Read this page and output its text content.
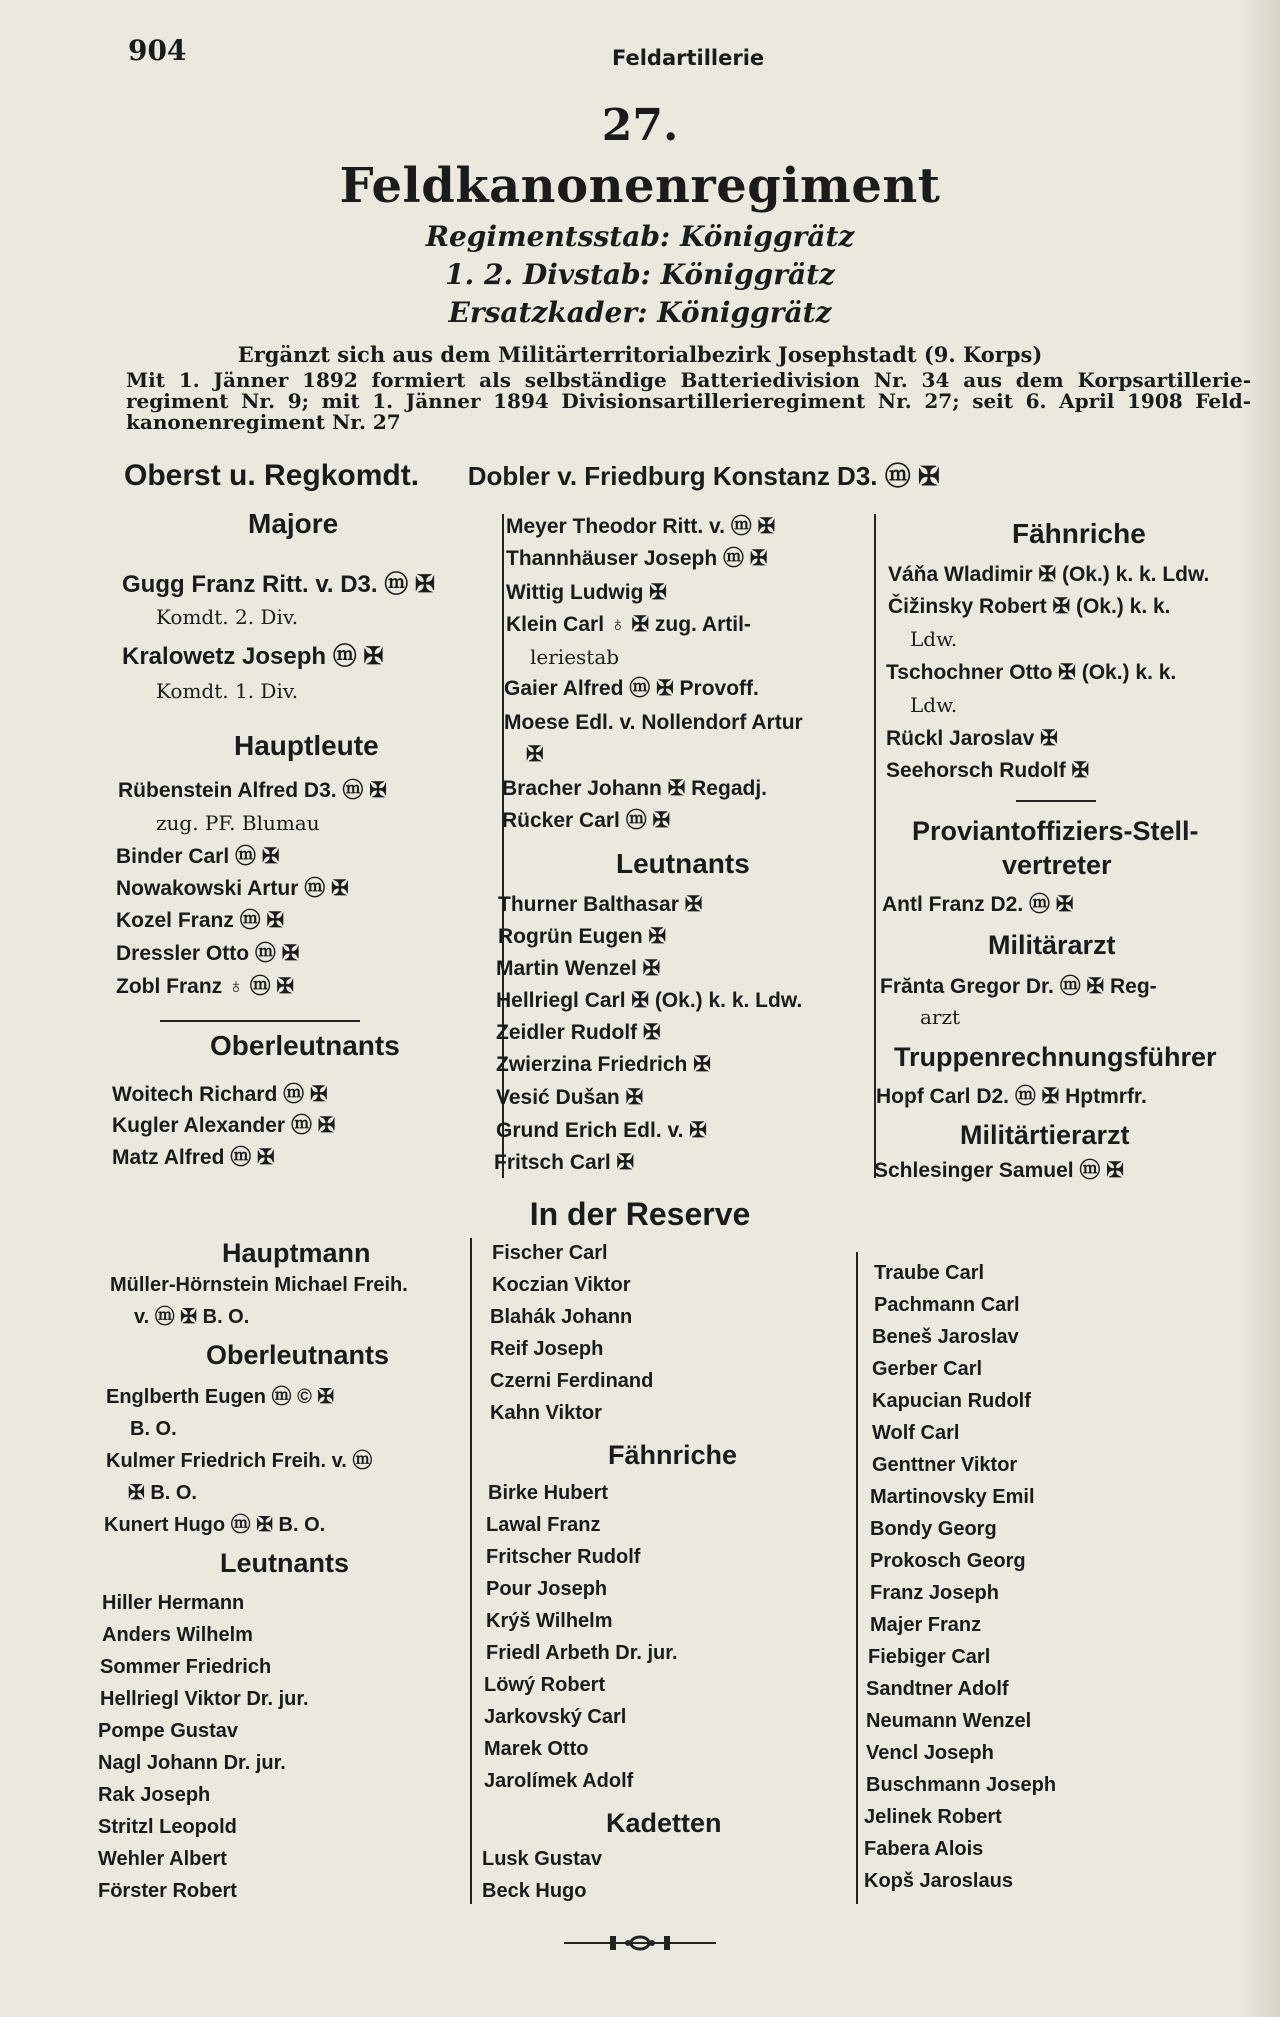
904	Feldartillerie
27.
Feldkanonenregiment
Regimentsstab: Königgrätz
1. 2. Divstab: Königgrätz
Ersatzkader: Königgrätz
Ergänzt sich aus dem Militärterritorialbezirk Josephstadt (9. Korps)
Mit 1. Jänner 1892 formiert als selbständige Batteriedivision Nr. 34 aus dem Korpsartillerie-regiment Nr. 9; mit 1. Jänner 1894 Divisionsartillerieregiment Nr. 27; seit 6. April 1908 Feld-kanonenregiment Nr. 27
Oberst u. Regkomdt. Dobler v. Friedburg Konstanz D3. ⓜ ✠
Majore
Gugg Franz Ritt. v. D3. ⓜ ✠
Komdt. 2. Div.
Kralowetz Joseph ⓜ ✠
Komdt. 1. Div.
Hauptleute
Rübenstein Alfred D3. ⓜ ✠
zug. PF. Blumau
Binder Carl ⓜ ✠
Nowakowski Artur ⓜ ✠
Kozel Franz ⓜ ✠
Dressler Otto ⓜ ✠
Zobl Franz ♁ ⓜ ✠
Oberleutnants
Woitech Richard ⓜ ✠
Kugler Alexander ⓜ ✠
Matz Alfred ⓜ ✠
Meyer Theodor Ritt. v. ⓜ ✠
Thannhäuser Joseph ⓜ ✠
Wittig Ludwig ✠
Klein Carl ♁ ✠ zug. Artil-
leriestab
Gaier Alfred ⓜ ✠ Provoff.
Moese Edl. v. Nollendorf Artur
✠
Bracher Johann ✠ Regadj.
Rücker Carl ⓜ ✠
Leutnants
Thurner Balthasar ✠
Rogrün Eugen ✠
Martin Wenzel ✠
Hellriegl Carl ✠ (Ok.) k. k. Ldw.
Zeidler Rudolf ✠
Zwierzina Friedrich ✠
Vesić Dušan ✠
Grund Erich Edl. v. ✠
Fritsch Carl ✠
Fähnriche
Váňa Wladimir ✠ (Ok.) k. k. Ldw.
Čižinsky Robert ✠ (Ok.) k. k.
Ldw.
Tschochner Otto ✠ (Ok.) k. k.
Ldw.
Rückl Jaroslav ✠
Seehorsch Rudolf ✠
Proviantoffiziers-Stell-
vertreter
Antl Franz D2. ⓜ ✠
Militärarzt
Frănta Gregor Dr. ⓜ ✠ Reg-
arzt
Truppenrechnungsführer
Hopf Carl D2. ⓜ ✠ Hptmrfr.
Militärtierarzt
Schlesinger Samuel ⓜ ✠
In der Reserve
Hauptmann
Müller-Hörnstein Michael Freih.
v. ⓜ ✠ B. O.
Oberleutnants
Englberth Eugen ⓜ © ✠
B. O.
Kulmer Friedrich Freih. v. ⓜ
✠ B. O.
Kunert Hugo ⓜ ✠ B. O.
Leutnants
Hiller Hermann
Anders Wilhelm
Sommer Friedrich
Hellriegl Viktor Dr. jur.
Pompe Gustav
Nagl Johann Dr. jur.
Rak Joseph
Stritzl Leopold
Wehler Albert
Förster Robert
Fischer Carl
Koczian Viktor
Blahák Johann
Reif Joseph
Czerni Ferdinand
Kahn Viktor
Fähnriche
Birke Hubert
Lawal Franz
Fritscher Rudolf
Pour Joseph
Krýš Wilhelm
Friedl Arbeth Dr. jur.
Löwý Robert
Jarkovský Carl
Marek Otto
Jarolímek Adolf
Kadetten
Lusk Gustav
Beck Hugo
Traube Carl
Pachmann Carl
Beneš Jaroslav
Gerber Carl
Kapucian Rudolf
Wolf Carl
Genttner Viktor
Martinovsky Emil
Bondy Georg
Prokosch Georg
Franz Joseph
Majer Franz
Fiebiger Carl
Sandtner Adolf
Neumann Wenzel
Vencl Joseph
Buschmann Joseph
Jelinek Robert
Fabera Alois
Kopš Jaroslaus
